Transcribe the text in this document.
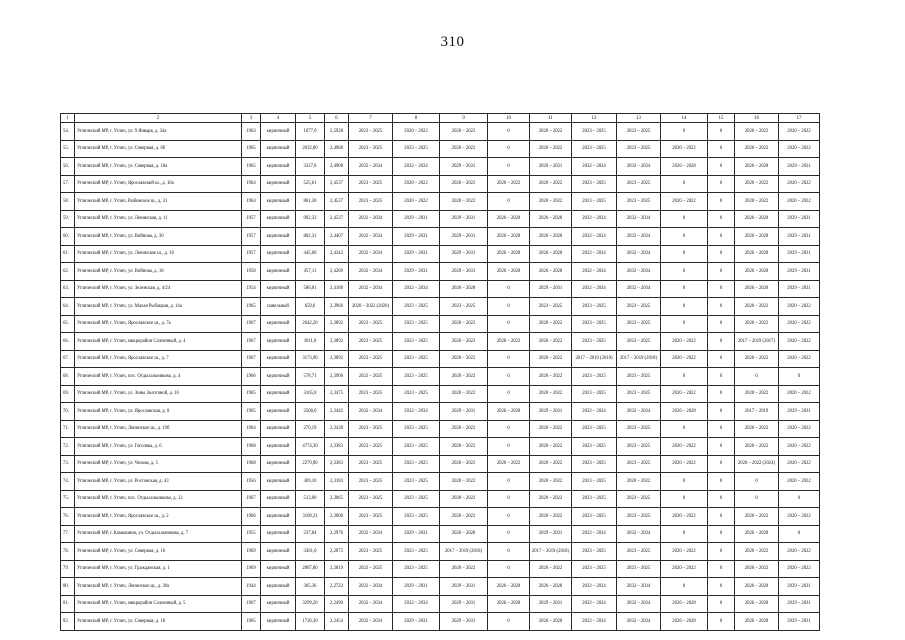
310
1	2	3	4	5	6	7	8	9	10	11	12	13	14	15	16	17
54.	Углический МР, г. Углич, ул. 9 Января, д. 34а	1963	кирпичный	1077,0	2,5928	2023 – 2025	2020 – 2022	2020 – 2022	0	2020 – 2022	2023 – 2025	2023 – 2025	0	0	2020 – 2022	2020 – 2022
55.	Углический МР, г. Углич, ул. Северная, д. 6б	1965	кирпичный	2032,80	2,4968	2023 – 2025	2023 – 2025	2020 – 2022	0	2020 – 2022	2023 – 2025	2023 – 2025	2020 – 2022	0	2020 – 2022	2020 – 2022
56.	Углический МР, г. Углич, ул. Северная, д. 18а	1965	кирпичный	3337,8	2,4908	2032 – 2034	2032 – 2034	2029 – 2031	0	2029 – 2031	2032 – 2034	2032 – 2034	2026 – 2028	0	2026 – 2028	2029 – 2031
57.	Углический МР, г. Углич, Ярославский ш., д. 10а	1964	кирпичный	525,61	2,4537	2023 – 2025	2020 – 2022	2020 – 2022	2020 – 2022	2020 – 2022	2023 – 2025	2023 – 2025	0	0	2020 – 2022	2020 – 2022
58.	Углический МР, г. Углич, Рыбинское ш., д. 31	1964	кирпичный	861,30	2,4537	2023 – 2025	2020 – 2022	2020 – 2022	0	2020 – 2022	2023 – 2025	2023 – 2025	2020 – 2022	0	2020 – 2022	2020 – 2022
59.	Углический МР, г. Углич, ул. Ленинская, д. 11	1957	кирпичный	992,33	2,4537	2032 – 2034	2029 – 2031	2029 – 2031	2026 – 2028	2026 – 2028	2032 – 2034	2032 – 2034	0	0	2026 – 2028	2029 – 2031
60.	Углический МР, г. Углич, ул. Войнова, д. 30	1957	кирпичный	882,31	2,4407	2032 – 2034	2029 – 2031	2029 – 2031	2026 – 2028	2026 – 2028	2032 – 2034	2032 – 2034	0	0	2026 – 2028	2029 – 2031
61.	Углический МР, г. Углич, ул. Ленинское ш., д. 16	1957	кирпичный	445,60	2,4343	2032 – 2034	2029 – 2031	2029 – 2031	2026 – 2028	2026 – 2028	2032 – 2034	2032 – 2034	0	0	2026 – 2028	2029 – 2031
62.	Углический МР, г. Углич, ул. Войнова, д. 18	1958	кирпичный	457,11	2,4269	2032 – 2034	2029 – 2031	2029 – 2031	2026 – 2028	2026 – 2028	2032 – 2034	2032 – 2034	0	0	2026 – 2028	2029 – 2031
63.	Углический МР, г. Углич, ул. Зеленская, д. 4/24	1954	кирпичный	586,81	2,4188	2032 – 2034	2032 – 2034	2026 – 2028	0	2029 – 2031	2032 – 2034	2032 – 2034	0	0	2026 – 2028	2029 – 2031
64.	Углический МР, г. Углич, ул. Малая Рыбацкая, д. 14а	1965	панельный	659,6	2,3966	2020 – 2022 (2020)	2023 – 2025	2023 – 2025	0	2023 – 2025	2023 – 2025	2023 – 2025	0	0	2020 – 2022	2020 – 2022
65.	Углический МР, г. Углич, Ярославское ш., д. 7а	1967	кирпичный	2642,20	2,3892	2023 – 2025	2023 – 2025	2020 – 2022	0	2020 – 2022	2023 – 2025	2023 – 2025	0	0	2020 – 2022	2020 – 2022
66.	Углический МР, г. Углич, микрорайон Солнечный, д. 4	1967	кирпичный	3011,0	2,3892	2023 – 2025	2023 – 2025	2020 – 2022	2020 – 2022	2020 – 2022	2023 – 2025	2023 – 2025	2020 – 2022	0	2017 – 2019 (2017)	2020 – 2022
67.	Углический МР, г. Углич, Ярославское ш., д. 7	1967	кирпичный	3173,90	2,3892	2023 – 2025	2023 – 2025	2020 – 2022	0	2020 – 2022	2017 – 2019 (2018)	2017 – 2019 (2018)	2020 – 2022	0	2020 – 2022	2020 – 2022
68.	Углический МР, г. Углич, пос. Отдыхальникова, д. 4	1966	кирпичный	578,71	2,3906	2023 – 2025	2023 – 2025	2020 – 2022	0	2020 – 2022	2023 – 2025	2023 – 2025	0	0	0	0
69.	Углический МР, г. Углич, ул. Зины Золотовой, д. 16	1965	кирпичный	3165,8	2,3475	2023 – 2025	2023 – 2025	2020 – 2022	0	2020 – 2022	2023 – 2025	2023 – 2025	2020 – 2022	0	2020 – 2022	2020 – 2022
70.	Углический МР, г. Углич, ул. Ярославская, д. 8	1965	кирпичный	2500,0	2,3442	2032 – 2034	2032 – 2034	2029 – 2031	2026 – 2028	2029 – 2031	2032 – 2034	2032 – 2034	2026 – 2028	0	2017 – 2019	2029 – 2031
71.	Углический МР, г. Углич, Ленинское ш., д. 19б	1964	кирпичный	270,19	2,3438	2023 – 2025	2023 – 2025	2020 – 2022	0	2020 – 2022	2023 – 2025	2023 – 2025	0	0	2020 – 2022	2020 – 2022
72.	Углический МР, г. Углич, ул. Гоголева, д. 6	1968	кирпичный	4774,30	2,3383	2023 – 2025	2023 – 2025	2020 – 2022	0	2020 – 2022	2023 – 2025	2023 – 2025	2020 – 2022	0	2020 – 2022	2020 – 2022
73.	Углический МР, г. Углич, ул. Чехова, д. 5	1968	кирпичный	2279,90	2,3383	2023 – 2025	2023 – 2025	2020 – 2022	2020 – 2022	2020 – 2022	2023 – 2025	2023 – 2025	2020 – 2022	0	2020 – 2022 (2024)	2020 – 2022
74.	Углический МР, г. Углич, ул. Ростовская, д. 43	1956	кирпичный	369,10	2,3183	2023 – 2025	2023 – 2025	2020 – 2022	0	2020 – 2022	2023 – 2025	2020 – 2022	0	0	0	2020 – 2022
75.	Углический МР, г. Углич, пос. Отдыхальникова, д. 13	1967	кирпичный	513,00	2,3065	2023 – 2025	2023 – 2025	2020 – 2022	0	2020 – 2022	2023 – 2025	2023 – 2025	0	0	0	0
76.	Углический МР, г. Углич, Ярославское ш., д. 2	1966	кирпичный	3169,31	2,3000	2023 – 2025	2023 – 2025	2020 – 2022	0	2020 – 2022	2023 – 2025	2023 – 2025	2020 – 2022	0	2020 – 2022	2020 – 2022
77.	Углический МР, г. Камышино, ул. Отдыхальникова, д. 7	1955	кирпичный	237,84	2,2976	2032 – 2034	2029 – 2031	2026 – 2028	0	2029 – 2031	2032 – 2034	2032 – 2034	0	0	2026 – 2028	0
78.	Углический МР, г. Углич, ул. Северная, д. 16	1969	кирпичный	3361,0	2,2875	2023 – 2025	2023 – 2025	2017 – 2019 (2018)	0	2017 – 2019 (2018)	2023 – 2025	2023 – 2025	2020 – 2022	0	2020 – 2022	2020 – 2022
79.	Углический МР, г. Углич, ул. Гражданская, д. 1	1969	кирпичный	2887,80	2,2819	2023 – 2025	2023 – 2025	2020 – 2022	0	2020 – 2022	2023 – 2025	2023 – 2025	2020 – 2022	0	2020 – 2022	2020 – 2022
80.	Углический МР, г. Углич, Ленинское ш., д. 30а	1944	кирпичный	305,36	2,2722	2032 – 2034	2029 – 2031	2029 – 2031	2026 – 2028	2026 – 2028	2032 – 2034	2032 – 2034	0	0	2026 – 2028	2029 – 2031
81.	Углический МР, г. Углич, микрорайон Солнечный, д. 5	1967	кирпичный	3299,20	2,2490	2032 – 2034	2032 – 2034	2029 – 2031	2026 – 2028	2029 – 2031	2032 – 2034	2032 – 2034	2026 – 2028	0	2026 – 2028	2029 – 2031
82.	Углический МР, г. Углич, ул. Северная, д. 18	1965	кирпичный	1736,30	2,2454	2032 – 2034	2029 – 2031	2029 – 2031	0	2026 – 2028	2032 – 2034	2032 – 2034	2026 – 2028	0	2026 – 2028	2029 – 2031
